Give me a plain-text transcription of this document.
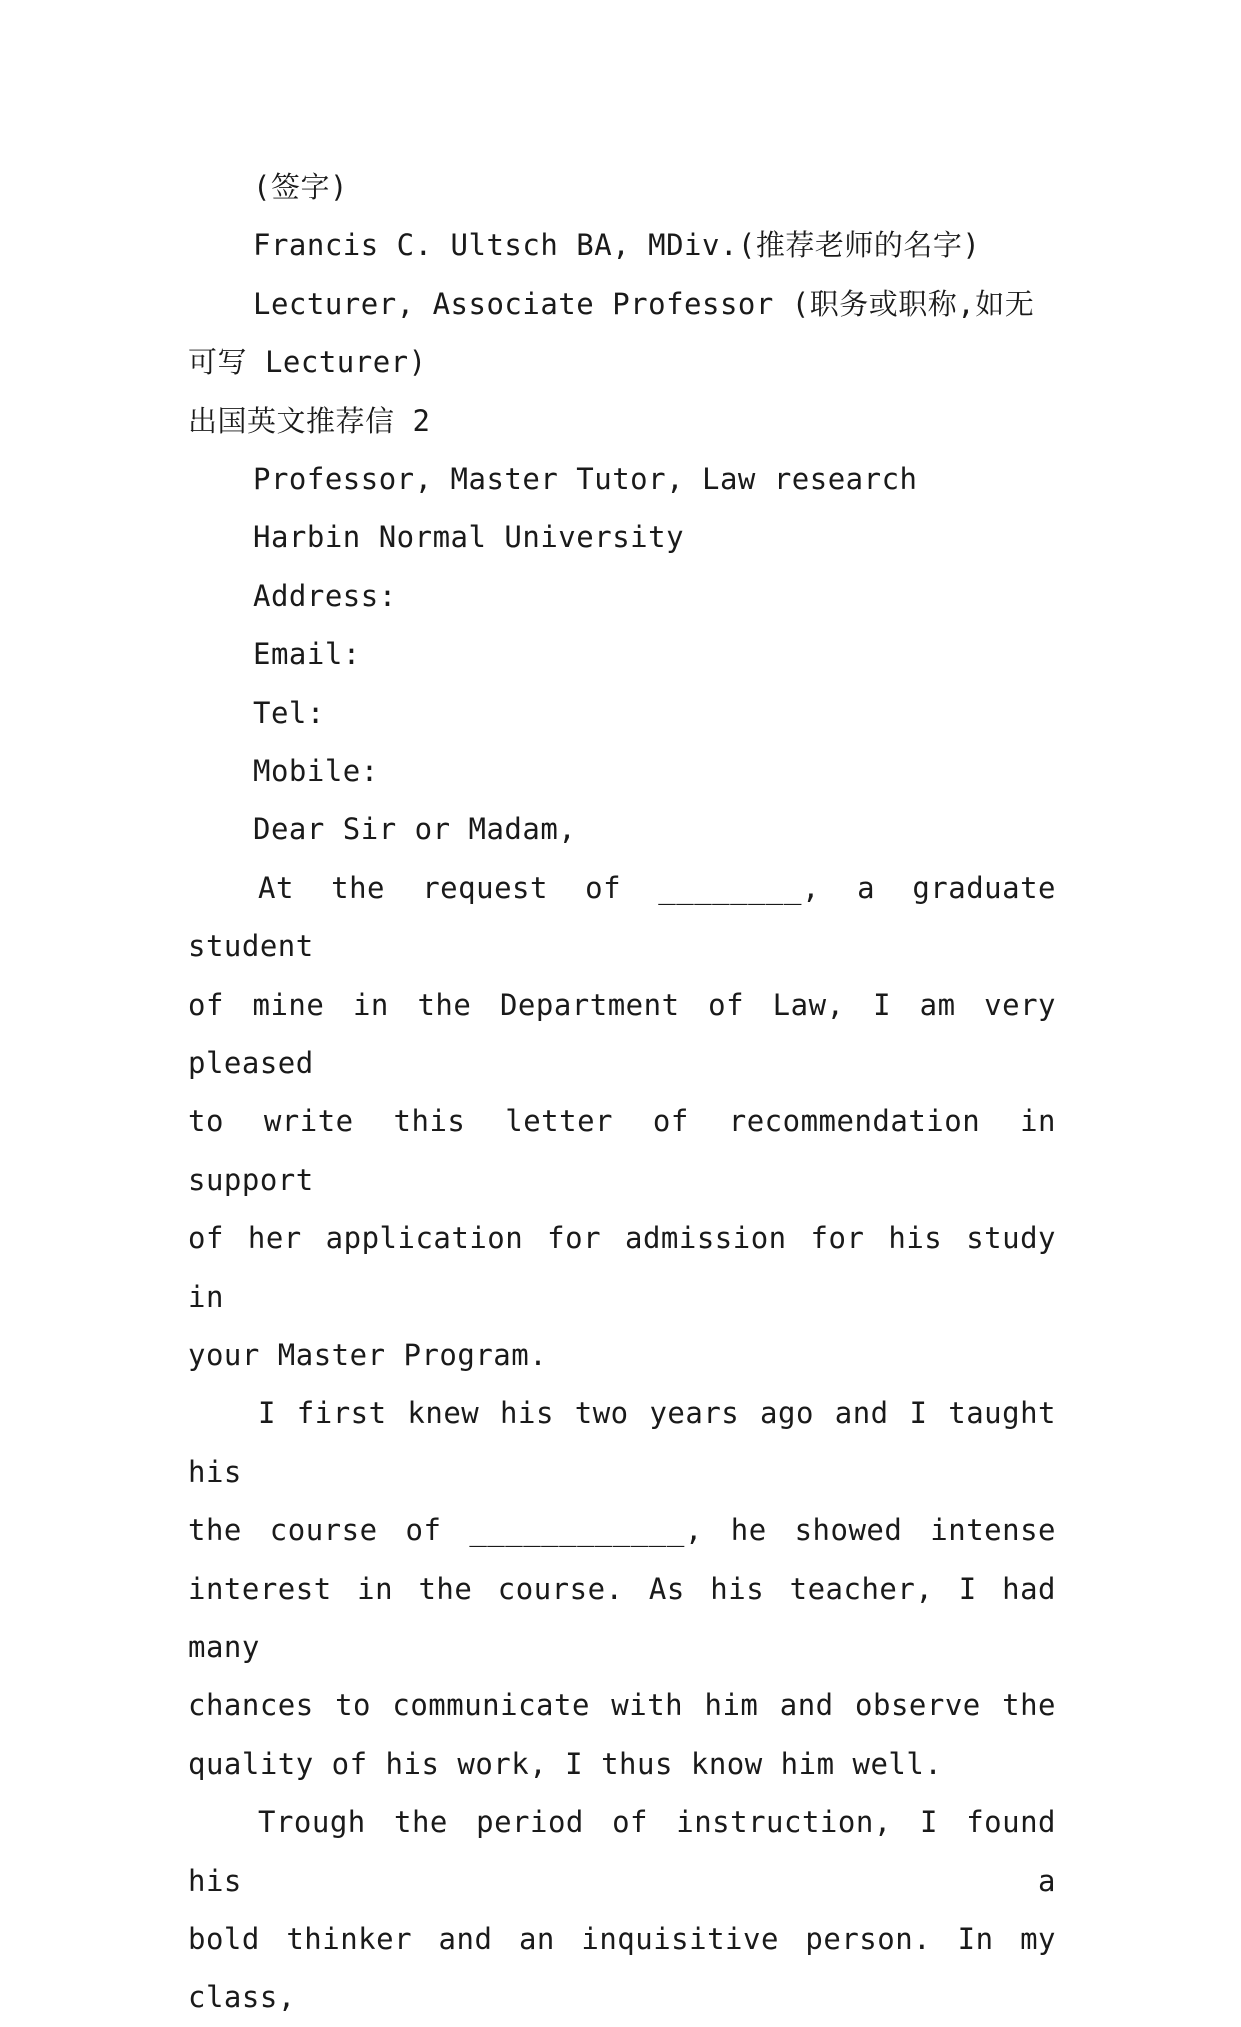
(签字)
Francis C. Ultsch BA, MDiv.(推荐老师的名字)
Lecturer, Associate Professor (职务或职称,如无
可写 Lecturer)
出国英文推荐信 2
Professor, Master Tutor, Law research
Harbin Normal University
Address:
Email:
Tel:
Mobile:
Dear Sir or Madam,
At the request of ________, a graduate student
of mine in the Department of Law, I am very pleased
to write this letter of recommendation in support
of her application for admission for his study in
your Master Program.
I first knew his two years ago and I taught his
the course of ____________, he showed intense
interest in the course. As his teacher, I had many
chances to communicate with him and observe the
quality of his work, I thus know him well.
Trough the period of instruction, I found his a
bold thinker and an inquisitive person. In my class,
